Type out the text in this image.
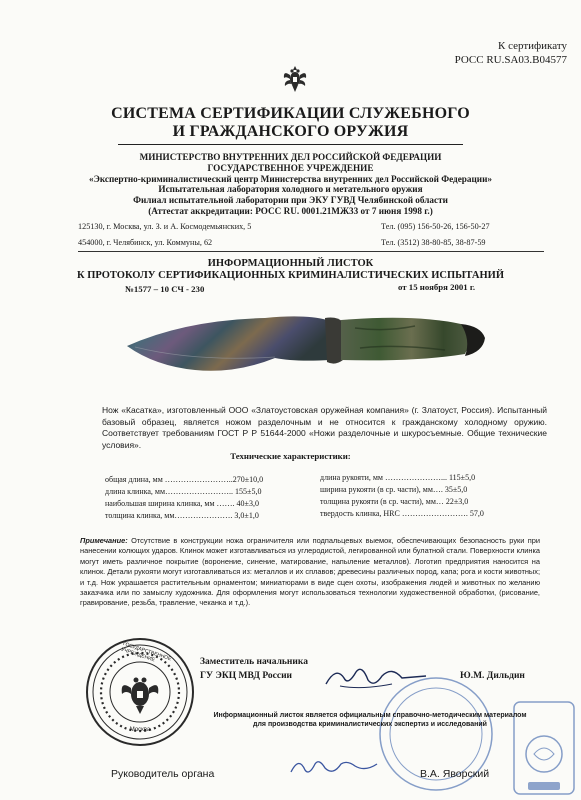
К сертификату
РОСС RU.SA03.B04577
СИСТЕМА СЕРТИФИКАЦИИ СЛУЖЕБНОГО
И ГРАЖДАНСКОГО ОРУЖИЯ
МИНИСТЕРСТВО ВНУТРЕННИХ ДЕЛ РОССИЙСКОЙ ФЕДЕРАЦИИ
ГОСУДАРСТВЕННОЕ УЧРЕЖДЕНИЕ
«Экспертно-криминалистический центр Министерства внутренних дел Российской Федерации»
Испытательная лаборатория холодного и метательного оружия
Филиал испытательной лаборатории при ЭКУ ГУВД Челябинской области
(Аттестат аккредитации: РОСС RU. 0001.21МЖ33 от 7 июня 1998 г.)
125130, г. Москва, ул. З. и А. Космодемьянских, 5	Тел. (095) 156-50-26, 156-50-27
454000, г. Челябинск, ул. Коммуны, 62	Тел. (3512) 38-80-85, 38-87-59
ИНФОРМАЦИОННЫЙ ЛИСТОК
К ПРОТОКОЛУ СЕРТИФИКАЦИОННЫХ КРИМИНАЛИСТИЧЕСКИХ ИСПЫТАНИЙ
№1577 – 10 СЧ - 230	от 15 ноября 2001 г.
Нож «Касатка», изготовленный ООО «Златоустовская оружейная компания» (г. Златоуст, Россия). Испытанный базовый образец, является ножом разделочным и не относится к гражданскому холодному оружию. Соответствует требованиям ГОСТ Р Р 51644-2000 «Ножи разделочные и шкуросъемные. Общие технические условия».
Технические характеристики:
общая длина, мм ……………………..270±10,0
длина клинка, мм…………………….. 155±5,0
наибольшая ширина клинка, мм ……. 40±3,0
толщина клинка, мм…………………. 3,0±1,0
длина рукояти, мм …………………... 115±5,0
ширина рукояти (в ср. части), мм…. 35±5,0
толщина рукояти (в ср. части), мм… 22±3,0
твердость клинка, HRC ……………………. 57,0
Примечание: Отсутствие в конструкции ножа ограничителя или подпальцевых выемок, обеспечивающих безопасность руки при нанесении колющих ударов. Клинок может изготавливаться из углеродистой, легированной или булатной стали. Поверхности клинка могут иметь различное покрытие (воронение, синение, матирование, напыление металлов). Логотип предприятия наносится на клинок. Детали рукояти могут изготавливаться из: металлов и их сплавов; древесины различных пород, капа; рога и кости животных; и т.д. Нож украшается растительным орнаментом; миниатюрами в виде сцен охоты, изображения людей и животных по желанию заказчика или по замыслу художника. Для оформления могут использоваться технологии художественной обработки, (рисование, гравирование, резьба, травление, чеканка и т.д.).
Москва
ГОСУДАРСТВЕННОЕ УЧРЕЖДЕНИЕ	Заместитель начальника
ГУ ЭКЦ МВД России	Ю.М. Дильдин
Информационный листок является официальным справочно-методическим материалом
для производства криминалистических экспертиз и исследований
Руководитель органа	В.А. Яворский
